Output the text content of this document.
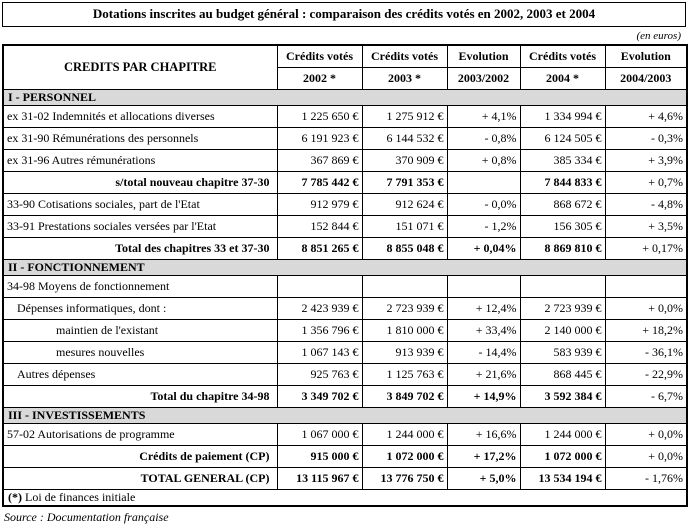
Dotations inscrites au budget général : comparaison des crédits votés en 2002, 2003 et 2004
(en euros)
CREDITS PAR CHAPITRE	Crédits votés	Crédits votés	Evolution	Crédits votés	Evolution
	2002 *	2003 *	2003/2002	2004 *	2004/2003
I - PERSONNEL					
ex 31-02 Indemnités et allocations diverses	1 225 650 €	1 275 912 €	+ 4,1%	1 334 994 €	+ 4,6%
ex 31-90 Rémunérations des personnels	6 191 923 €	6 144 532 €	- 0,8%	6 124 505 €	- 0,3%
ex 31-96 Autres rémunérations	367 869 €	370 909 €	+ 0,8%	385 334 €	+ 3,9%
s/total nouveau chapitre 37-30	7 785 442 €	7 791 353 €		7 844 833 €	+ 0,7%
33-90 Cotisations sociales, part de l'Etat	912 979 €	912 624 €	- 0,0%	868 672 €	- 4,8%
33-91 Prestations sociales versées par l'Etat	152 844 €	151 071 €	- 1,2%	156 305 €	+ 3,5%
Total des chapitres 33 et 37-30	8 851 265 €	8 855 048 €	+ 0,04%	8 869 810 €	+ 0,17%
II - FONCTIONNEMENT					
34-98 Moyens de fonctionnement					
Dépenses informatiques, dont :	2 423 939 €	2 723 939 €	+ 12,4%	2 723 939 €	+ 0,0%
maintien de l'existant	1 356 796 €	1 810 000 €	+ 33,4%	2 140 000 €	+ 18,2%
mesures nouvelles	1 067 143 €	913 939 €	- 14,4%	583 939 €	- 36,1%
Autres dépenses	925 763 €	1 125 763 €	+ 21,6%	868 445 €	- 22,9%
Total du chapitre 34-98	3 349 702 €	3 849 702 €	+ 14,9%	3 592 384 €	- 6,7%
III - INVESTISSEMENTS					
57-02 Autorisations de programme	1 067 000 €	1 244 000 €	+ 16,6%	1 244 000 €	+ 0,0%
Crédits de paiement (CP)	915 000 €	1 072 000 €	+ 17,2%	1 072 000 €	+ 0,0%
TOTAL GENERAL (CP)	13 115 967 €	13 776 750 €	+ 5,0%	13 534 194 €	- 1,76%
(*) Loi de finances initiale					
Source : Documentation française
